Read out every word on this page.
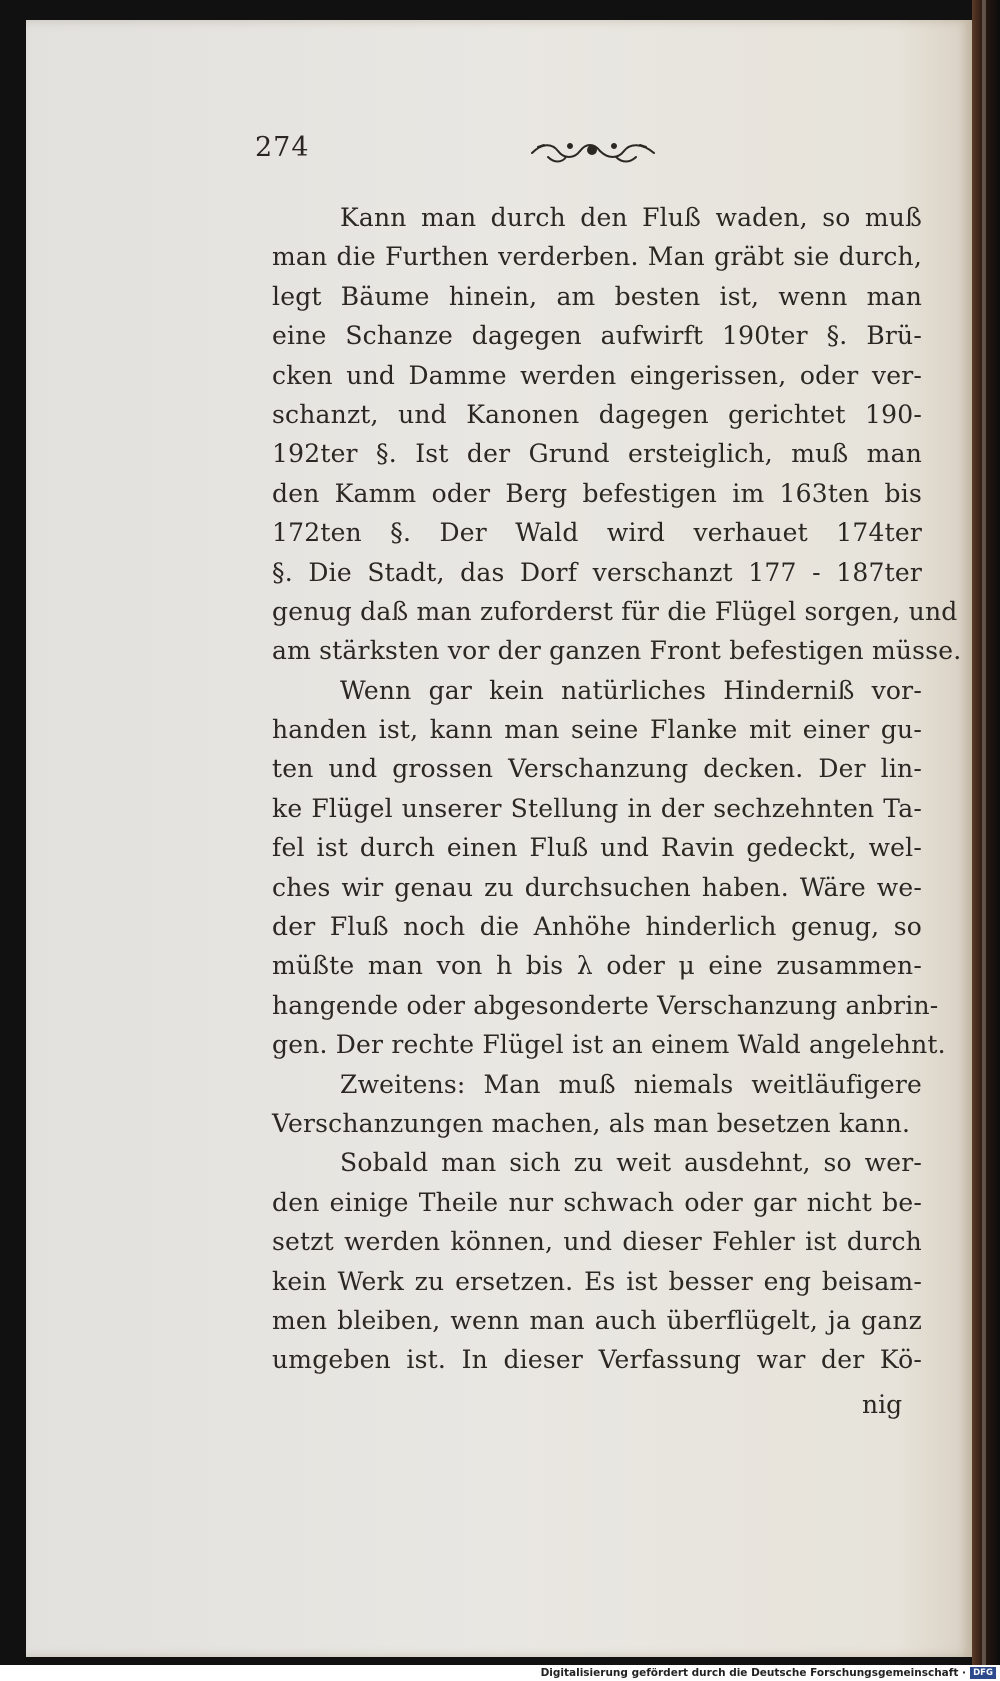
274
Kann man durch den Fluß waden, so muß
man die Furthen verderben. Man gräbt sie durch,
legt Bäume hinein, am besten ist, wenn man
eine Schanze dagegen aufwirft 190ter §. Brü-
cken und Damme werden eingerissen, oder ver-
schanzt, und Kanonen dagegen gerichtet 190-
192ter §. Ist der Grund ersteiglich, muß man
den Kamm oder Berg befestigen im 163ten bis
172ten §. Der Wald wird verhauet 174ter
§. Die Stadt, das Dorf verschanzt 177 - 187ter
genug daß man zuforderst für die Flügel sorgen, und
am stärksten vor der ganzen Front befestigen müsse.
Wenn gar kein natürliches Hinderniß vor-
handen ist, kann man seine Flanke mit einer gu-
ten und grossen Verschanzung decken. Der lin-
ke Flügel unserer Stellung in der sechzehnten Ta-
fel ist durch einen Fluß und Ravin gedeckt, wel-
ches wir genau zu durchsuchen haben. Wäre we-
der Fluß noch die Anhöhe hinderlich genug, so
müßte man von h bis λ oder μ eine zusammen-
hangende oder abgesonderte Verschanzung anbrin-
gen. Der rechte Flügel ist an einem Wald angelehnt.
Zweitens: Man muß niemals weitläufigere
Verschanzungen machen, als man besetzen kann.
Sobald man sich zu weit ausdehnt, so wer-
den einige Theile nur schwach oder gar nicht be-
setzt werden können, und dieser Fehler ist durch
kein Werk zu ersetzen. Es ist besser eng beisam-
men bleiben, wenn man auch überflügelt, ja ganz
umgeben ist. In dieser Verfassung war der Kö-
nig
Digitalisierung gefördert durch die Deutsche Forschungsgemeinschaft · DFG
